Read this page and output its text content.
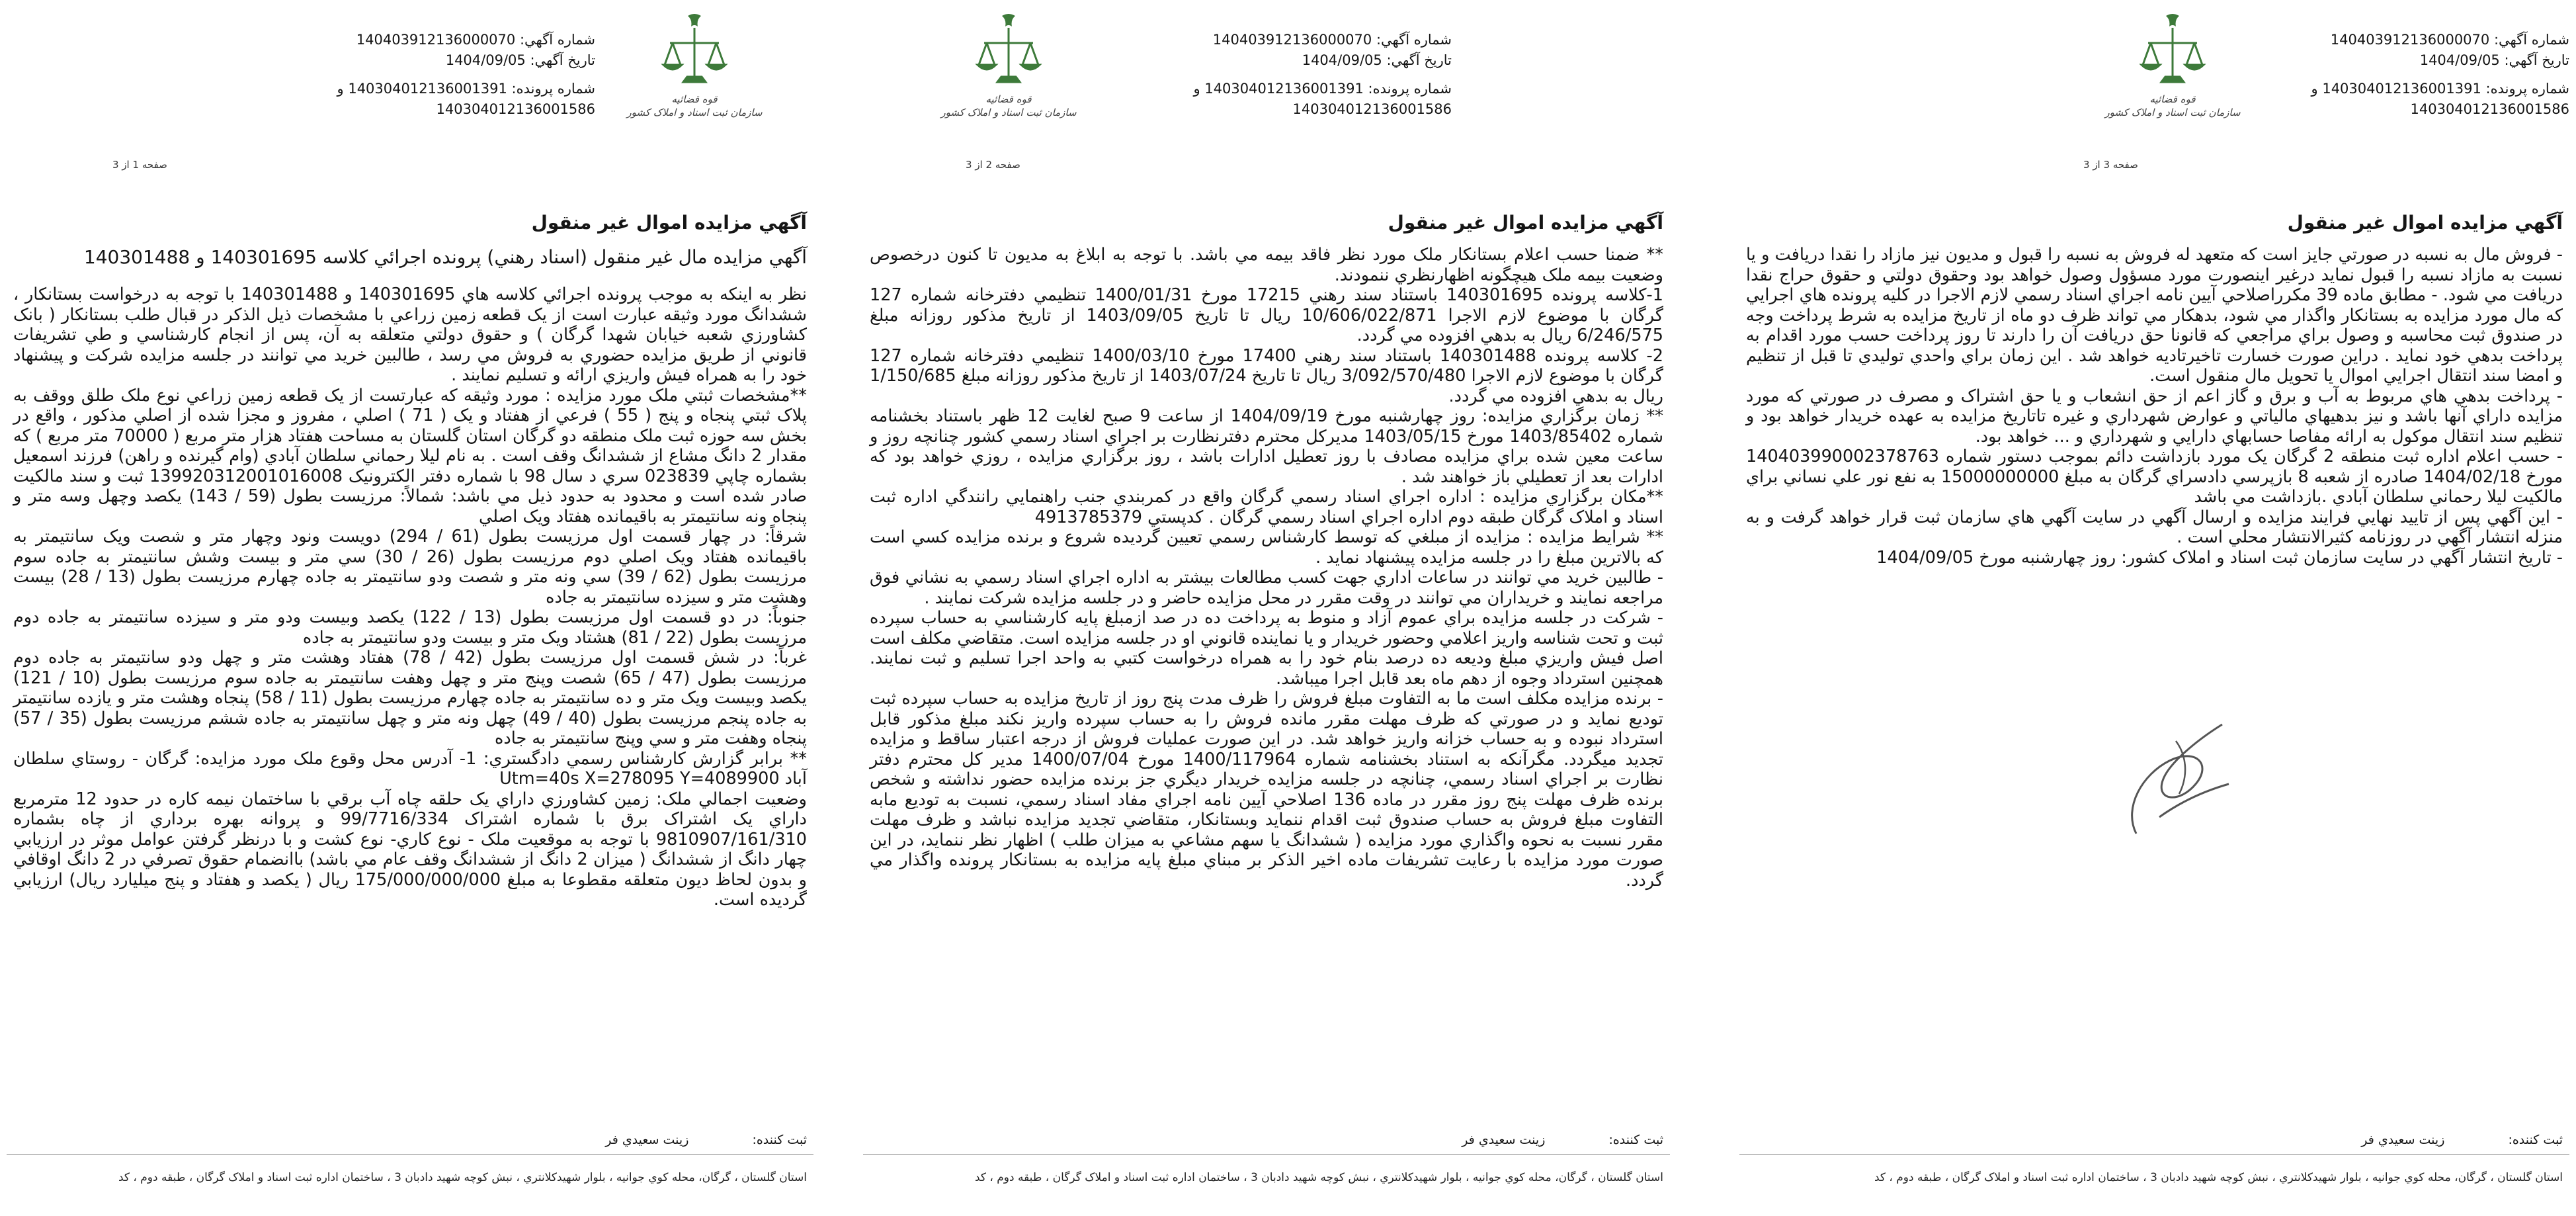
شماره آگهي: 140403912136000070
تاريخ آگهي: 1404/09/05
شماره پرونده: 140304012136001391 و
140304012136001586
قوه قضائیه
سازمان ثبت اسناد و املاک کشور
صفحه 1 از 3
آگهي مزايده اموال غير منقول

آگهي مزايده مال غير منقول (اسناد رهني) پرونده اجرائي كلاسه 140301695 و 140301488

نظر به اينكه به موجب پرونده اجرائي كلاسه هاي 140301695 و 140301488 با توجه به درخواست بستانكار ، ششدانگ مورد وثيقه عبارت است از يک قطعه زمين زراعي با مشخصات ذيل الذكر در قبال طلب بستانكار ( بانک کشاورزي شعبه خيابان شهدا گرگان ) و حقوق دولتي متعلقه به آن، پس از انجام كارشناسي و طي تشريفات قانوني از طريق مزايده حضوري به فروش مي رسد ، طالبين خريد مي توانند در جلسه مزايده شركت و پيشنهاد خود را به همراه فيش واريزي ارائه و تسليم نمايند .

**مشخصات ثبتي ملک مورد مزايده : مورد وثيقه كه عبارتست از يک قطعه زمين زراعي نوع ملک طلق ووقف به پلاک ثبتي پنجاه و پنج ( 55 ) فرعي از هفتاد و يک ( 71 ) اصلي ، مفروز و مجزا شده از اصلي مذكور ، واقع در بخش سه حوزه ثبت ملک منطقه دو گرگان استان گلستان به مساحت هفتاد هزار متر مربع ( 70000 متر مربع ) كه مقدار 2 دانگ مشاع از ششدانگ وقف است . به نام ليلا رحماني سلطان آبادي (وام گيرنده و راهن) فرزند اسمعيل بشماره چاپي 023839 سري د سال 98 با شماره دفتر الكترونيک 139920312001016008 ثبت و سند مالكيت صادر شده است و محدود به حدود ذيل مي باشد: شمالاً: مرزيست بطول (59 / 143) يكصد وچهل وسه متر و پنجاه ونه سانتيمتر به باقيمانده هفتاد ويک اصلي

شرقاً: در چهار قسمت اول مرزيست بطول (61 / 294) دويست ونود وچهار متر و شصت ويک سانتيمتر به باقيمانده هفتاد ويک اصلي دوم مرزيست بطول (26 / 30) سي متر و بيست وشش سانتيمتر به جاده سوم مرزيست بطول (62 / 39) سي ونه متر و شصت ودو سانتيمتر به جاده چهارم مرزيست بطول (13 / 28) بيست وهشت متر و سيزده سانتيمتر به جاده

جنوباً: در دو قسمت اول مرزيست بطول (13 / 122) يكصد وبيست ودو متر و سيزده سانتيمتر به جاده دوم مرزيست بطول (22 / 81) هشتاد ويک متر و بيست ودو سانتيمتر به جاده

غرباً: در شش قسمت اول مرزيست بطول (42 / 78) هفتاد وهشت متر و چهل ودو سانتيمتر به جاده دوم مرزيست بطول (47 / 65) شصت وپنج متر و چهل وهفت سانتيمتر به جاده سوم مرزيست بطول (10 / 121) يكصد وبيست ويک متر و ده سانتيمتر به جاده چهارم مرزيست بطول (11 / 58) پنجاه وهشت متر و يازده سانتيمتر به جاده پنجم مرزيست بطول (40 / 49) چهل ونه متر و چهل سانتيمتر به جاده ششم مرزيست بطول (35 / 57) پنجاه وهفت متر و سي وپنج سانتيمتر به جاده

** برابر گزارش كارشناس رسمي دادگستري: 1- آدرس محل وقوع ملک مورد مزايده: گرگان - روستاي سلطان آباد Utm=40s X=278095 Y=4089900

وضعيت اجمالي ملک: زمين كشاورزي داراي يک حلقه چاه آب برقي با ساختمان نيمه كاره در حدود 12 مترمربع داراي يک اشتراک برق با شماره اشتراک 99/7716/334 و پروانه بهره برداري از چاه بشماره 9810907/161/310 با توجه به موقعيت ملک - نوع كاري- نوع كشت و با درنظر گرفتن عوامل موثر در ارزيابي چهار دانگ از ششدانگ ( ميزان 2 دانگ از ششدانگ وقف عام مي باشد) باانضمام حقوق تصرفي در 2 دانگ اوقافي و بدون لحاظ ديون متعلقه مقطوعا به مبلغ 175/000/000/000 ريال ( يكصد و هفتاد و پنج ميليارد ريال) ارزيابي گرديده است.

ثبت كننده: زينت سعيدي فر
استان گلستان ، گرگان، محله كوي جوانيه ، بلوار شهيدكلانتري ، نبش كوچه شهيد دادبان 3 ، ساختمان اداره ثبت اسناد و املاک گرگان ، طبقه دوم ، كد
شماره آگهي: 140403912136000070
تاريخ آگهي: 1404/09/05
شماره پرونده: 140304012136001391 و
140304012136001586
قوه قضائیه
سازمان ثبت اسناد و املاک کشور
صفحه 2 از 3
آگهي مزايده اموال غير منقول

** ضمنا حسب اعلام بستانكار ملک مورد نظر فاقد بيمه مي باشد. با توجه به ابلاغ به مديون تا كنون درخصوص وضعيت بيمه ملک هيچگونه اظهارنظري ننمودند.

1-كلاسه پرونده 140301695 باستناد سند رهني 17215 مورخ 1400/01/31 تنظيمي دفترخانه شماره 127 گرگان با موضوع لازم الاجرا 10/606/022/871 ريال تا تاريخ 1403/09/05 از تاريخ مذكور روزانه مبلغ 6/246/575 ريال به بدهي افزوده مي گردد.

2- كلاسه پرونده 140301488 باستناد سند رهني 17400 مورخ 1400/03/10 تنظيمي دفترخانه شماره 127 گرگان با موضوع لازم الاجرا 3/092/570/480 ريال تا تاريخ 1403/07/24 از تاريخ مذكور روزانه مبلغ 1/150/685 ريال به بدهي افزوده مي گردد.

** زمان برگزاري مزايده: روز چهارشنبه مورخ 1404/09/19 از ساعت 9 صبح لغايت 12 ظهر باستناد بخشنامه شماره 1403/85402 مورخ 1403/05/15 مديركل محترم دفترنظارت بر اجراي اسناد رسمي كشور چنانچه روز و ساعت معين شده براي مزايده مصادف با روز تعطيل ادارات باشد ، روز برگزاري مزايده ، روزي خواهد بود كه ادارات بعد از تعطيلي باز خواهند شد .

**مكان برگزاري مزايده : اداره اجراي اسناد رسمي گرگان واقع در كمربندي جنب راهنمايي رانندگي اداره ثبت اسناد و املاک گرگان طبقه دوم اداره اجراي اسناد رسمي گرگان . كدپستي 4913785379

** شرايط مزايده : مزايده از مبلغي كه توسط كارشناس رسمي تعيين گرديده شروع و برنده مزايده كسي است كه بالاترين مبلغ را در جلسه مزايده پيشنهاد نمايد .

- طالبين خريد مي توانند در ساعات اداري جهت كسب مطالعات بيشتر به اداره اجراي اسناد رسمي به نشاني فوق مراجعه نمايند و خريداران مي توانند در وقت مقرر در محل مزايده حاضر و در جلسه مزايده شركت نمايند .

- شركت در جلسه مزايده براي عموم آزاد و منوط به پرداخت ده در صد ازمبلغ پايه كارشناسي به حساب سپرده ثبت و تحت شناسه واريز اعلامي وحضور خريدار و يا نماينده قانوني او در جلسه مزايده است. متقاضي مكلف است اصل فيش واريزي مبلغ وديعه ده درصد بنام خود را به همراه درخواست كتبي به واحد اجرا تسليم و ثبت نمايند. همچنين استرداد وجوه از دهم ماه بعد قابل اجرا ميباشد.

- برنده مزايده مكلف است ما به التفاوت مبلغ فروش را ظرف مدت پنج روز از تاريخ مزايده به حساب سپرده ثبت توديع نمايد و در صورتي كه ظرف مهلت مقرر مانده فروش را به حساب سپرده واريز نكند مبلغ مذكور قابل استرداد نبوده و به حساب خزانه واريز خواهد شد. در اين صورت عمليات فروش از درجه اعتبار ساقط و مزايده تجديد ميگردد. مگرآنكه به استناد بخشنامه شماره 1400/117964 مورخ 1400/07/04 مدير كل محترم دفتر نظارت بر اجراي اسناد رسمي، چنانچه در جلسه مزايده خريدار ديگري جز برنده مزايده حضور نداشته و شخص برنده ظرف مهلت پنج روز مقرر در ماده 136 اصلاحي آيين نامه اجراي مفاد اسناد رسمي، نسبت به توديع مابه التفاوت مبلغ فروش به حساب صندوق ثبت اقدام ننمايد وبستانكار، متقاضي تجديد مزايده نباشد و ظرف مهلت مقرر نسبت به نحوه واگذاري مورد مزايده ( ششدانگ يا سهم مشاعي به ميزان طلب ) اظهار نظر ننمايد، در اين صورت مورد مزايده با رعايت تشريفات ماده اخير الذكر بر مبناي مبلغ پايه مزايده به بستانكار پرونده واگذار مي گردد.

ثبت كننده: زينت سعيدي فر
استان گلستان ، گرگان، محله كوي جوانيه ، بلوار شهيدكلانتري ، نبش كوچه شهيد دادبان 3 ، ساختمان اداره ثبت اسناد و املاک گرگان ، طبقه دوم ، كد
شماره آگهي: 140403912136000070
تاريخ آگهي: 1404/09/05
شماره پرونده: 140304012136001391 و
140304012136001586
قوه قضائیه
سازمان ثبت اسناد و املاک کشور
صفحه 3 از 3
آگهي مزايده اموال غير منقول

- فروش مال به نسبه در صورتي جايز است كه متعهد له فروش به نسبه را قبول و مديون نيز مازاد را نقدا دريافت و يا نسبت به مازاد نسبه را قبول نمايد درغير اينصورت مورد مسؤول وصول خواهد بود وحقوق دولتي و حقوق حراج نقدا دريافت مي شود. - مطابق ماده 39 مكرراصلاحي آيين نامه اجراي اسناد رسمي لازم الاجرا در كليه پرونده هاي اجرايي كه مال مورد مزايده به بستانكار واگذار مي شود، بدهكار مي تواند ظرف دو ماه از تاريخ مزايده به شرط پرداخت وجه در صندوق ثبت محاسبه و وصول براي مراجعي كه قانونا حق دريافت آن را دارند تا روز پرداخت حسب مورد اقدام به پرداخت بدهي خود نمايد . دراين صورت خسارت تاخيرتاديه خواهد شد . اين زمان براي واحدي توليدي تا قبل از تنظيم و امضا سند انتقال اجرايي اموال يا تحويل مال منقول است.

- پرداخت بدهي هاي مربوط به آب و برق و گاز اعم از حق انشعاب و يا حق اشتراک و مصرف در صورتي كه مورد مزايده داراي آنها باشد و نيز بدهيهاي مالياتي و عوارض شهرداري و غيره تاتاريخ مزايده به عهده خريدار خواهد بود و تنظيم سند انتقال موكول به ارائه مفاصا حسابهاي دارايي و شهرداري و ... خواهد بود.

- حسب اعلام اداره ثبت منطقه 2 گرگان يک مورد بازداشت دائم بموجب دستور شماره 140403990002378763 مورخ 1404/02/18 صادره از شعبه 8 بازپرسي دادسراي گرگان به مبلغ 15000000000 به نفع نور علي نساني براي مالكيت ليلا رحماني سلطان آبادي .بازداشت مي باشد

- اين آگهي پس از تاييد نهايي فرايند مزايده و ارسال آگهي در سايت آگهي هاي سازمان ثبت قرار خواهد گرفت و به منزله انتشار آگهي در روزنامه كثيرالانتشار محلي است .

- تاريخ انتشار آگهي در سايت سازمان ثبت اسناد و املاک كشور: روز چهارشنبه مورخ 1404/09/05

ثبت كننده: زينت سعيدي فر
استان گلستان ، گرگان، محله كوي جوانيه ، بلوار شهيدكلانتري ، نبش كوچه شهيد دادبان 3 ، ساختمان اداره ثبت اسناد و املاک گرگان ، طبقه دوم ، كد
